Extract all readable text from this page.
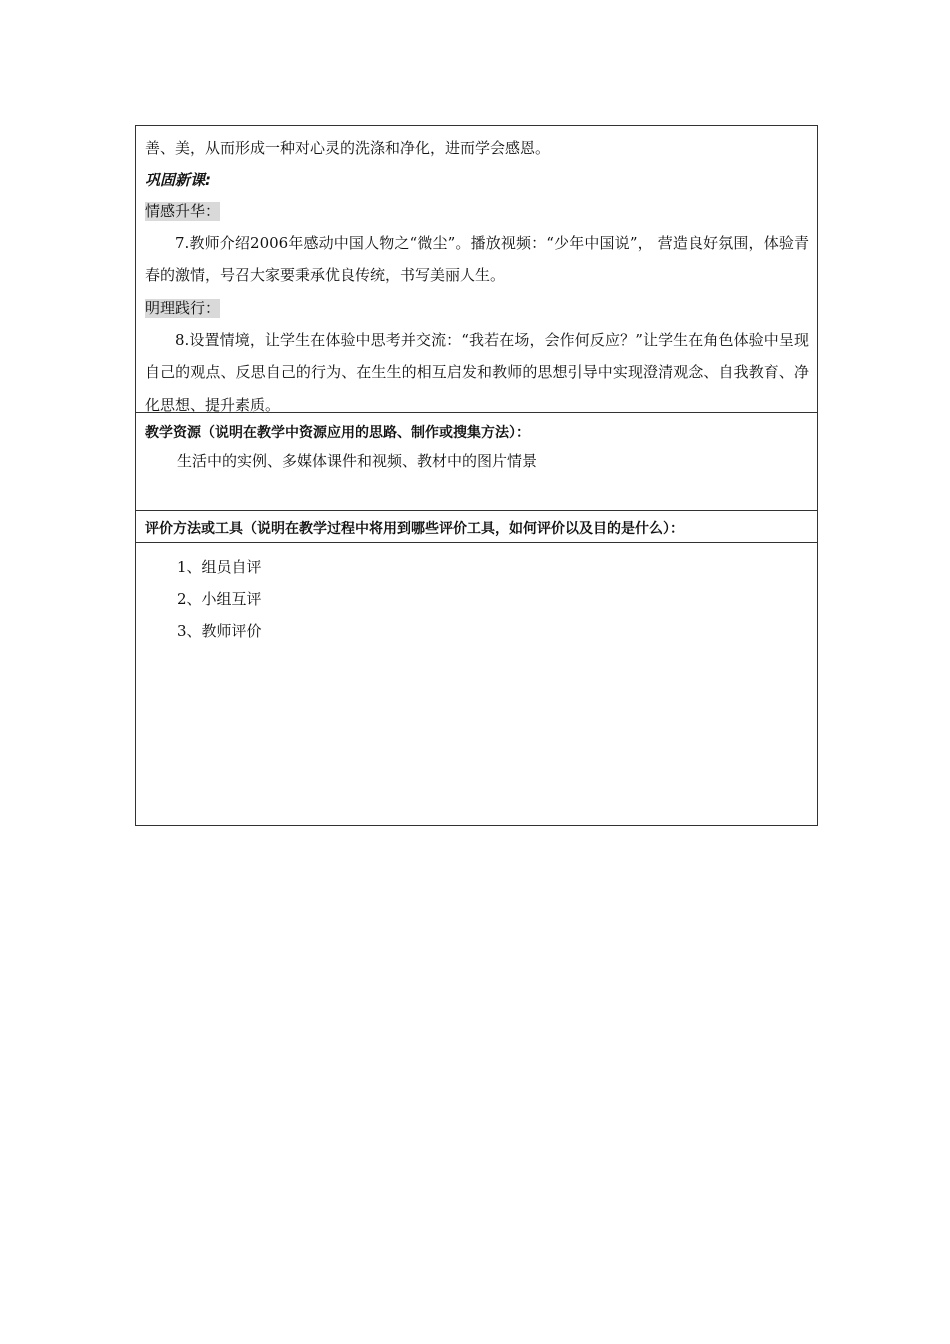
善、美，从而形成一种对心灵的洗涤和净化，进而学会感恩。
巩固新课:
情感升华：
7.教师介绍2006年感动中国人物之“微尘”。播放视频：“少年中国说”， 营造良好氛围，体验青春的激情，号召大家要秉承优良传统，书写美丽人生。
明理践行：
8.设置情境，让学生在体验中思考并交流：“我若在场，会作何反应？”让学生在角色体验中呈现自己的观点、反思自己的行为、在生生的相互启发和教师的思想引导中实现澄清观念、自我教育、净化思想、提升素质。
教学资源（说明在教学中资源应用的思路、制作或搜集方法）：
生活中的实例、多媒体课件和视频、教材中的图片情景
评价方法或工具（说明在教学过程中将用到哪些评价工具，如何评价以及目的是什么）：
1、组员自评
2、小组互评
3、教师评价
